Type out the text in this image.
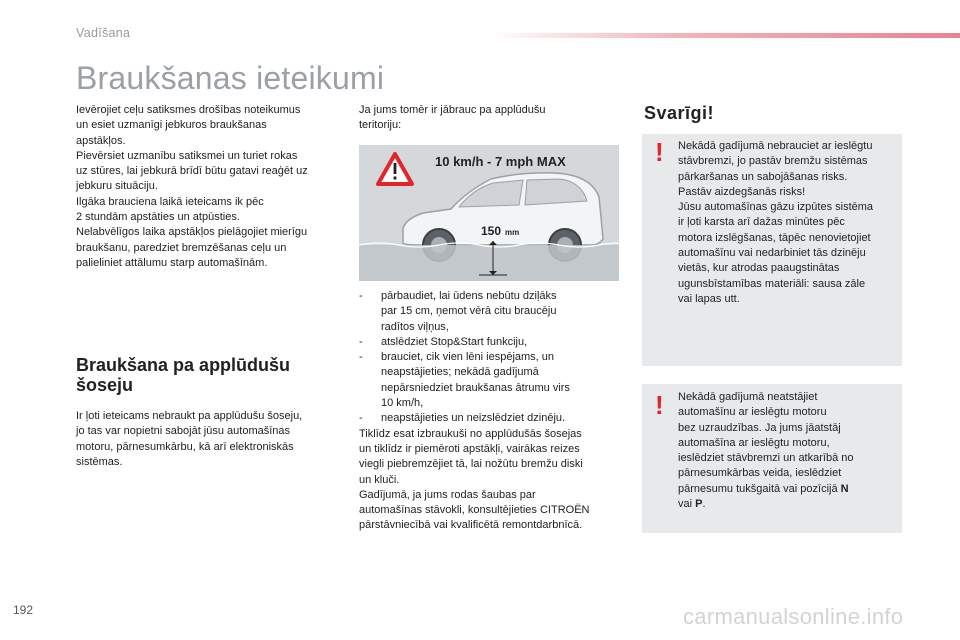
Vadīšana
Braukšanas ieteikumi
Ievērojiet ceļu satiksmes drošības noteikumus
un esiet uzmanīgi jebkuros braukšanas
apstākļos.
Pievērsiet uzmanību satiksmei un turiet rokas
uz stūres, lai jebkurā brīdī būtu gatavi reaģēt uz
jebkuru situāciju.
Ilgāka brauciena laikā ieteicams ik pēc
2 stundām apstāties un atpūsties.
Nelabvēlīgos laika apstākļos pielāgojiet mierīgu
braukšanu, paredziet bremzēšanas ceļu un
palieliniet attālumu starp automašīnām.
Braukšana pa applūdušu
šoseju
Ir ļoti ieteicams nebraukt pa applūdušu šoseju,
jo tas var nopietni sabojāt jūsu automašīnas
motoru, pārnesumkārbu, kā arī elektroniskās
sistēmas.
Ja jums tomēr ir jābrauc pa applūdušu
teritoriju:
10 km/h - 7 mph MAX
150 mm
- pārbaudiet, lai ūdens nebūtu dziļāks
par 15 cm, ņemot vērā citu braucēju
radītos viļņus,
- atslēdziet Stop&Start funkciju,
- brauciet, cik vien lēni iespējams, un
neapstājieties; nekādā gadījumā
nepārsniedziet braukšanas ātrumu virs
10 km/h,
- neapstājieties un neizslēdziet dzinēju.
Tiklīdz esat izbraukuši no applūdušās šosejas
un tiklīdz ir piemēroti apstākļi, vairākas reizes
viegli piebremzējiet tā, lai nožūtu bremžu diski
un kluči.
Gadījumā, ja jums rodas šaubas par
automašīnas stāvokli, konsultējieties CITROËN
pārstāvniecībā vai kvalificētā remontdarbnīcā.
Svarīgi!
! Nekādā gadījumā nebrauciet ar ieslēgtu
stāvbremzi, jo pastāv bremžu sistēmas
pārkaršanas un sabojāšanas risks.
Pastāv aizdegšanās risks!
Jūsu automašīnas gāzu izpūtes sistēma
ir ļoti karsta arī dažas minūtes pēc
motora izslēgšanas, tāpēc nenovietojiet
automašīnu vai nedarbiniet tās dzinēju
vietās, kur atrodas paaugstinātas
ugunsbīstamības materiāli: sausa zāle
vai lapas utt.
! Nekādā gadījumā neatstājiet
automašīnu ar ieslēgtu motoru
bez uzraudzības. Ja jums jāatstāj
automašīna ar ieslēgtu motoru,
ieslēdziet stāvbremzi un atkarībā no
pārnesumkārbas veida, ieslēdziet
pārnesumu tukšgaitā vai pozīcijā N
vai P.
192	carmanualsonline.info
